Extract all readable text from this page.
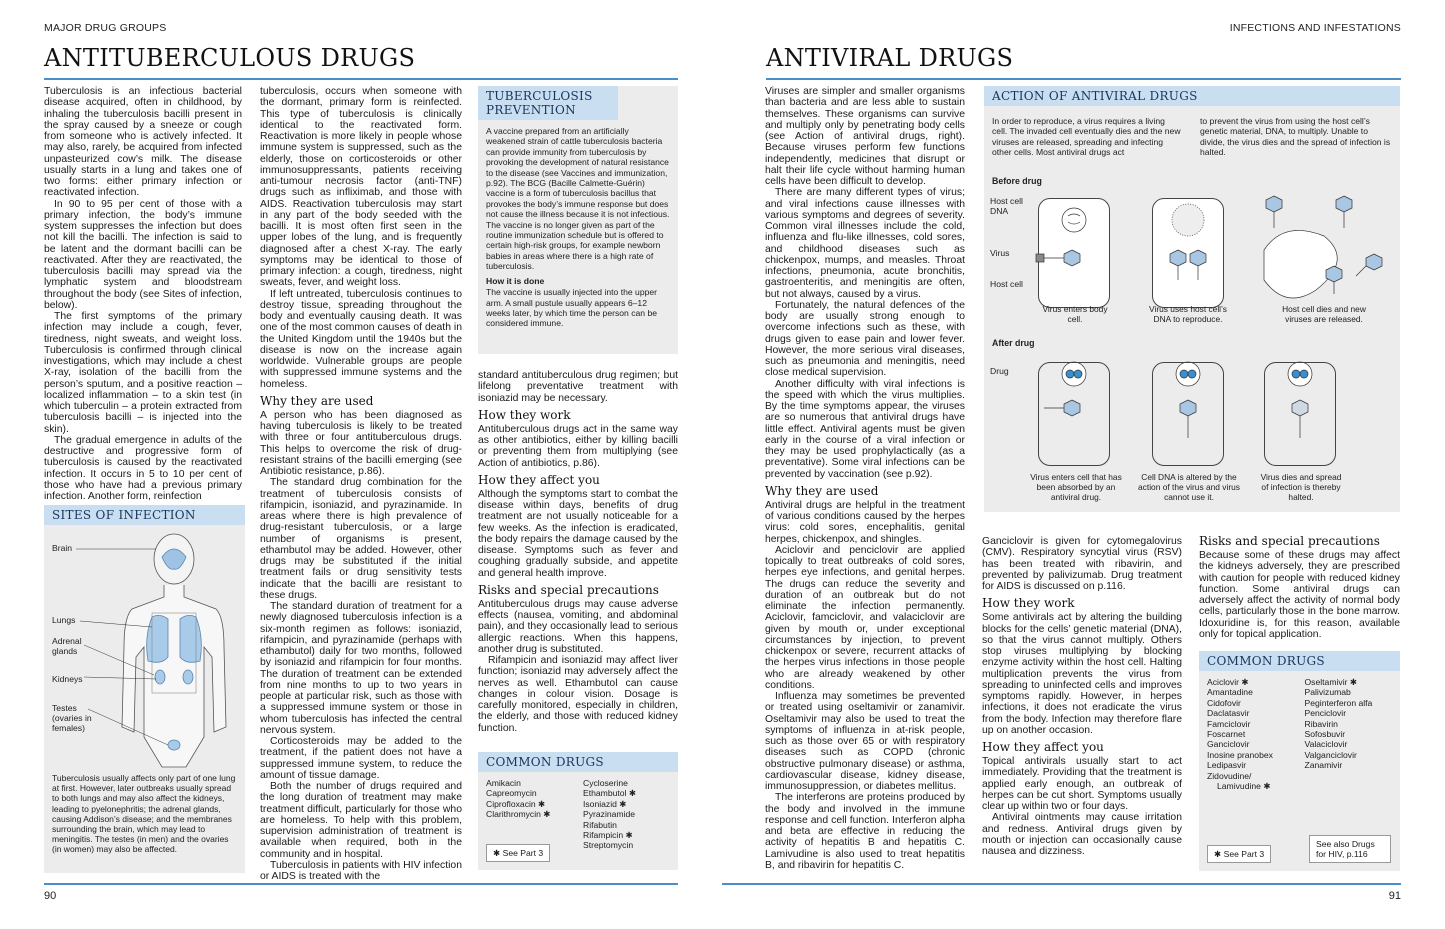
MAJOR DRUG GROUPS
ANTITUBERCULOUS DRUGS

Tuberculosis is an infectious bacterial disease acquired, often in childhood, by inhaling the tuberculosis bacilli present in the spray caused by a sneeze or cough from someone who is actively infected. It may also, rarely, be acquired from infected unpasteurized cow’s milk. The disease usually starts in a lung and takes one of two forms: either primary infection or reactivated infection.

In 90 to 95 per cent of those with a primary infection, the body’s immune system suppresses the infection but does not kill the bacilli. The infection is said to be latent and the dormant bacilli can be reactivated. After they are reactivated, the tuberculosis bacilli may spread via the lymphatic system and bloodstream throughout the body (see Sites of infection, below).

The first symptoms of the primary infection may include a cough, fever, tiredness, night sweats, and weight loss. Tuberculosis is confirmed through clinical investigations, which may include a chest X-ray, isolation of the bacilli from the person’s sputum, and a positive reaction – localized inflammation – to a skin test (in which tuberculin – a protein extracted from tuberculosis bacilli – is injected into the skin).

The gradual emergence in adults of the destructive and progressive form of tuberculosis is caused by the reactivated infection. It occurs in 5 to 10 per cent of those who have had a previous primary infection. Another form, reinfection

SITES OF INFECTION
Brain
Lungs
Adrenal glands
Kidneys
Testes (ovaries in females)
Tuberculosis usually affects only part of one lung at first. However, later outbreaks usually spread to both lungs and may also affect the kidneys, leading to pyelonephritis; the adrenal glands, causing Addison’s disease; and the membranes surrounding the brain, which may lead to meningitis. The testes (in men) and the ovaries (in women) may also be affected.

tuberculosis, occurs when someone with the dormant, primary form is reinfected. This type of tuberculosis is clinically identical to the reactivated form. Reactivation is more likely in people whose immune system is suppressed, such as the elderly, those on corticosteroids or other immunosuppressants, patients receiving anti-tumour necrosis factor (anti-TNF) drugs such as infliximab, and those with AIDS. Reactivation tuberculosis may start in any part of the body seeded with the bacilli. It is most often first seen in the upper lobes of the lung, and is frequently diagnosed after a chest X-ray. The early symptoms may be identical to those of primary infection: a cough, tiredness, night sweats, fever, and weight loss.

If left untreated, tuberculosis continues to destroy tissue, spreading throughout the body and eventually causing death. It was one of the most common causes of death in the United Kingdom until the 1940s but the disease is now on the increase again worldwide. Vulnerable groups are people with suppressed immune systems and the homeless.

Why they are used

A person who has been diagnosed as having tuberculosis is likely to be treated with three or four antituberculous drugs. This helps to overcome the risk of drug-resistant strains of the bacilli emerging (see Antibiotic resistance, p.86).

The standard drug combination for the treatment of tuberculosis consists of rifampicin, isoniazid, and pyrazinamide. In areas where there is high prevalence of drug-resistant tuberculosis, or a large number of organisms is present, ethambutol may be added. However, other drugs may be substituted if the initial treatment fails or drug sensitivity tests indicate that the bacilli are resistant to these drugs.

The standard duration of treatment for a newly diagnosed tuberculosis infection is a six-month regimen as follows: isoniazid, rifampicin, and pyrazinamide (perhaps with ethambutol) daily for two months, followed by isoniazid and rifampicin for four months. The duration of treatment can be extended from nine months to up to two years in people at particular risk, such as those with a suppressed immune system or those in whom tuberculosis has infected the central nervous system.

Corticosteroids may be added to the treatment, if the patient does not have a suppressed immune system, to reduce the amount of tissue damage.

Both the number of drugs required and the long duration of treatment may make treatment difficult, particularly for those who are homeless. To help with this problem, supervision administration of treatment is available when required, both in the community and in hospital.

Tuberculosis in patients with HIV infection or AIDS is treated with the

TUBERCULOSIS PREVENTION
A vaccine prepared from an artificially weakened strain of cattle tuberculosis bacteria can provide immunity from tuberculosis by provoking the development of natural resistance to the disease (see Vaccines and immunization, p.92). The BCG (Bacille Calmette-Guérin) vaccine is a form of tuberculosis bacillus that provokes the body’s immune response but does not cause the illness because it is not infectious. The vaccine is no longer given as part of the routine immunization schedule but is offered to certain high-risk groups, for example newborn babies in areas where there is a high rate of tuberculosis.
How it is done
The vaccine is usually injected into the upper arm. A small pustule usually appears 6–12 weeks later, by which time the person can be considered immune.

standard antituberculous drug regimen; but lifelong preventative treatment with isoniazid may be necessary.

How they work

Antituberculous drugs act in the same way as other antibiotics, either by killing bacilli or preventing them from multiplying (see Action of antibiotics, p.86).

How they affect you

Although the symptoms start to combat the disease within days, benefits of drug treatment are not usually noticeable for a few weeks. As the infection is eradicated, the body repairs the damage caused by the disease. Symptoms such as fever and coughing gradually subside, and appetite and general health improve.

Risks and special precautions

Antituberculous drugs may cause adverse effects (nausea, vomiting, and abdominal pain), and they occasionally lead to serious allergic reactions. When this happens, another drug is substituted.

Rifampicin and isoniazid may affect liver function; isoniazid may adversely affect the nerves as well. Ethambutol can cause changes in colour vision. Dosage is carefully monitored, especially in children, the elderly, and those with reduced kidney function.

COMMON DRUGS
Amikacin
Capreomycin
Ciprofloxacin ✱
Clarithromycin ✱
Cycloserine
Ethambutol ✱
Isoniazid ✱
Pyrazinamide
Rifabutin
Rifampicin ✱
Streptomycin
✱ See Part 3
90
INFECTIONS AND INFESTATIONS
ANTIVIRAL DRUGS

Viruses are simpler and smaller organisms than bacteria and are less able to sustain themselves. These organisms can survive and multiply only by penetrating body cells (see Action of antiviral drugs, right). Because viruses perform few functions independently, medicines that disrupt or halt their life cycle without harming human cells have been difficult to develop.

There are many different types of virus; and viral infections cause illnesses with various symptoms and degrees of severity. Common viral illnesses include the cold, influenza and flu-like illnesses, cold sores, and childhood diseases such as chickenpox, mumps, and measles. Throat infections, pneumonia, acute bronchitis, gastroenteritis, and meningitis are often, but not always, caused by a virus.

Fortunately, the natural defences of the body are usually strong enough to overcome infections such as these, with drugs given to ease pain and lower fever. However, the more serious viral diseases, such as pneumonia and meningitis, need close medical supervision.

Another difficulty with viral infections is the speed with which the virus multiplies. By the time symptoms appear, the viruses are so numerous that antiviral drugs have little effect. Antiviral agents must be given early in the course of a viral infection or they may be used prophylactically (as a preventative). Some viral infections can be prevented by vaccination (see p.92).

Why they are used

Antiviral drugs are helpful in the treatment of various conditions caused by the herpes virus: cold sores, encephalitis, genital herpes, chickenpox, and shingles.

Aciclovir and penciclovir are applied topically to treat outbreaks of cold sores, herpes eye infections, and genital herpes. The drugs can reduce the severity and duration of an outbreak but do not eliminate the infection permanently. Aciclovir, famciclovir, and valaciclovir are given by mouth or, under exceptional circumstances by injection, to prevent chickenpox or severe, recurrent attacks of the herpes virus infections in those people who are already weakened by other conditions.

Influenza may sometimes be prevented or treated using oseltamivir or zanamivir. Oseltamivir may also be used to treat the symptoms of influenza in at-risk people, such as those over 65 or with respiratory diseases such as COPD (chronic obstructive pulmonary disease) or asthma, cardiovascular disease, kidney disease, immunosuppression, or diabetes mellitus.

The interferons are proteins produced by the body and involved in the immune response and cell function. Interferon alpha and beta are effective in reducing the activity of hepatitis B and hepatitis C. Lamivudine is also used to treat hepatitis B, and ribavirin for hepatitis C.

ACTION OF ANTIVIRAL DRUGS
In order to reproduce, a virus requires a living cell. The invaded cell eventually dies and the new viruses are released, spreading and infecting other cells. Most antiviral drugs act
to prevent the virus from using the host cell’s genetic material, DNA, to multiply. Unable to divide, the virus dies and the spread of infection is halted.
Before drug
Host cell DNA
Virus
Host cell
Virus enters body cell.
Virus uses host cell’s DNA to reproduce.
Host cell dies and new viruses are released.
After drug
Drug
Virus enters cell that has been absorbed by an antiviral drug.
Cell DNA is altered by the action of the virus and virus cannot use it.
Virus dies and spread of infection is thereby halted.

Ganciclovir is given for cytomegalovirus (CMV). Respiratory syncytial virus (RSV) has been treated with ribavirin, and prevented by palivizumab. Drug treatment for AIDS is discussed on p.116.

How they work

Some antivirals act by altering the building blocks for the cells’ genetic material (DNA), so that the virus cannot multiply. Others stop viruses multiplying by blocking enzyme activity within the host cell. Halting multiplication prevents the virus from spreading to uninfected cells and improves symptoms rapidly. However, in herpes infections, it does not eradicate the virus from the body. Infection may therefore flare up on another occasion.

How they affect you

Topical antivirals usually start to act immediately. Providing that the treatment is applied early enough, an outbreak of herpes can be cut short. Symptoms usually clear up within two or four days.

Antiviral ointments may cause irritation and redness. Antiviral drugs given by mouth or injection can occasionally cause nausea and dizziness.

Risks and special precautions

Because some of these drugs may affect the kidneys adversely, they are prescribed with caution for people with reduced kidney function. Some antiviral drugs can adversely affect the activity of normal body cells, particularly those in the bone marrow. Idoxuridine is, for this reason, available only for topical application.

COMMON DRUGS
Aciclovir ✱
Amantadine
Cidofovir
Daclatasvir
Famciclovir
Foscarnet
Ganciclovir
Inosine pranobex
Ledipasvir
Zidovudine/
Lamivudine ✱
Oseltamivir ✱
Palivizumab
Peginterferon alfa
Penciclovir
Ribavirin
Sofosbuvir
Valaciclovir
Valganciclovir
Zanamivir
✱ See Part 3
See also Drugs for HIV, p.116
91
